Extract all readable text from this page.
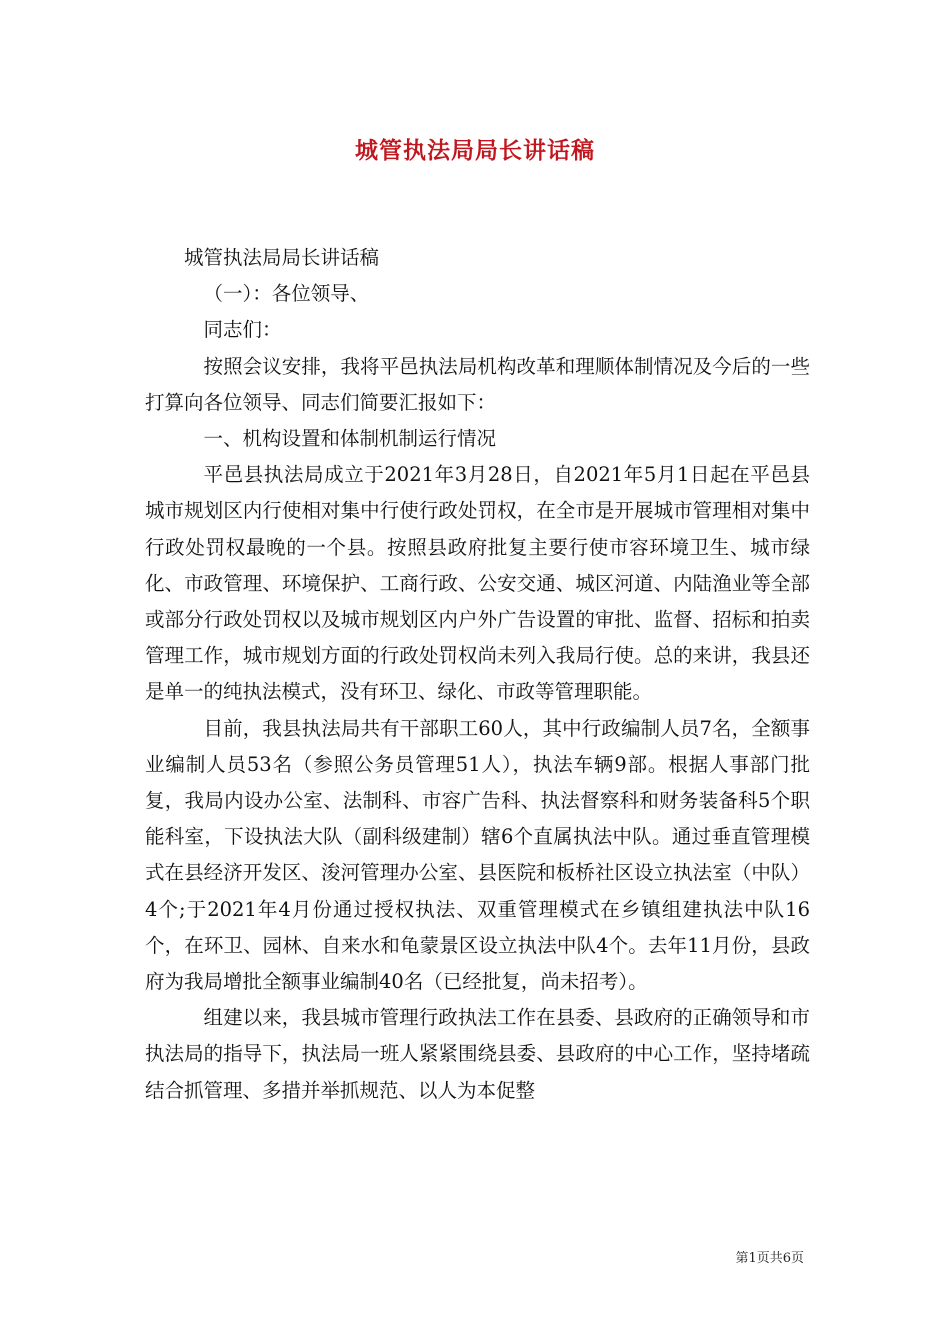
城管执法局局长讲话稿

城管执法局局长讲话稿

（一）：各位领导、

同志们：

按照会议安排，我将平邑执法局机构改革和理顺体制情况及今后的一些打算向各位领导、同志们简要汇报如下：

一、机构设置和体制机制运行情况

平邑县执法局成立于2021年3月28日，自2021年5月1日起在平邑县城市规划区内行使相对集中行使行政处罚权，在全市是开展城市管理相对集中行政处罚权最晚的一个县。按照县政府批复主要行使市容环境卫生、城市绿化、市政管理、环境保护、工商行政、公安交通、城区河道、内陆渔业等全部或部分行政处罚权以及城市规划区内户外广告设置的审批、监督、招标和拍卖管理工作，城市规划方面的行政处罚权尚未列入我局行使。总的来讲，我县还是单一的纯执法模式，没有环卫、绿化、市政等管理职能。

目前，我县执法局共有干部职工60人，其中行政编制人员7名，全额事业编制人员53名（参照公务员管理51人），执法车辆9部。根据人事部门批复，我局内设办公室、法制科、市容广告科、执法督察科和财务装备科5个职能科室，下设执法大队（副科级建制）辖6个直属执法中队。通过垂直管理模式在县经济开发区、浚河管理办公室、县医院和板桥社区设立执法室（中队）4个;于2021年4月份通过授权执法、双重管理模式在乡镇组建执法中队16个，在环卫、园林、自来水和龟蒙景区设立执法中队4个。去年11月份，县政府为我局增批全额事业编制40名（已经批复，尚未招考）。

组建以来，我县城市管理行政执法工作在县委、县政府的正确领导和市执法局的指导下，执法局一班人紧紧围绕县委、县政府的中心工作，坚持堵疏结合抓管理、多措并举抓规范、以人为本促整

第1页共6页
